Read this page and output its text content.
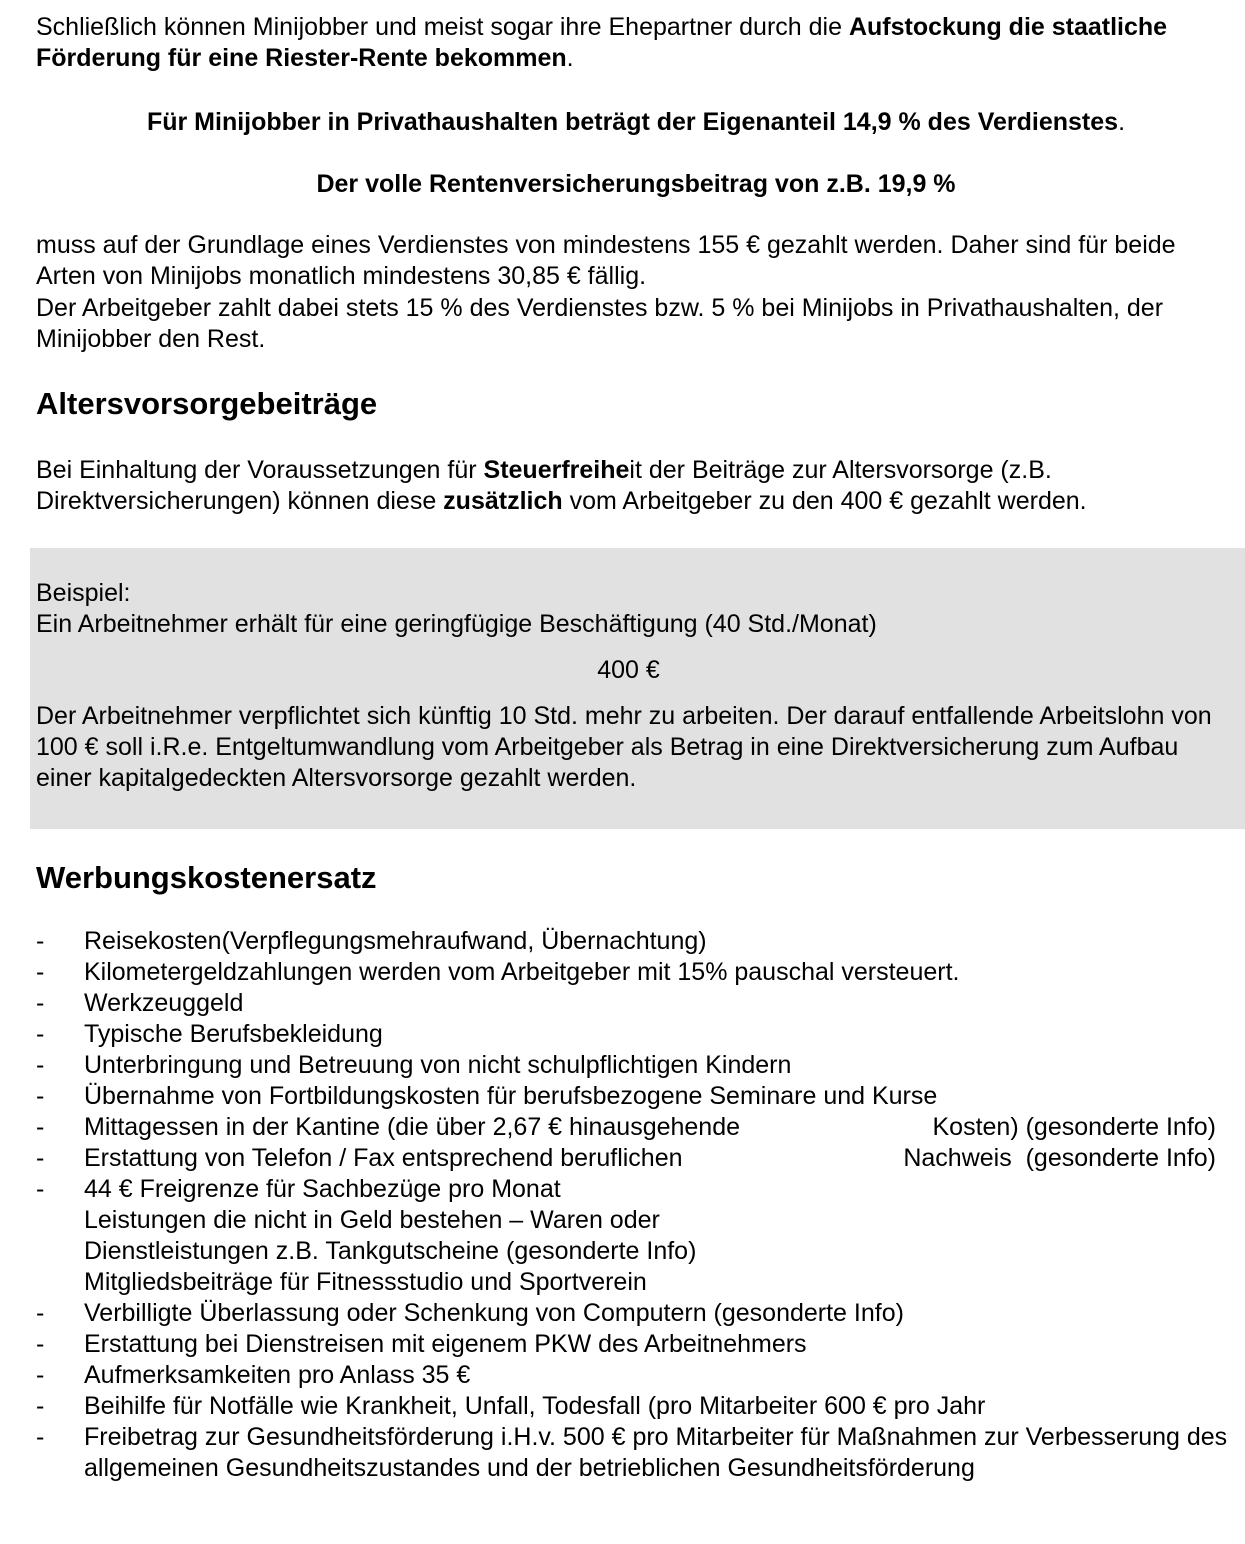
Schließlich können Minijobber und meist sogar ihre Ehepartner durch die Aufstockung die staatliche Förderung für eine Riester-Rente bekommen.

Für Minijobber in Privathaushalten beträgt der Eigenanteil 14,9 % des Verdienstes.

Der volle Rentenversicherungsbeitrag von z.B. 19,9 %

muss auf der Grundlage eines Verdienstes von mindestens 155 € gezahlt werden. Daher sind für beide Arten von Minijobs monatlich mindestens 30,85 € fällig.

Der Arbeitgeber zahlt dabei stets 15 % des Verdienstes bzw. 5 % bei Minijobs in Privathaushalten, der Minijobber den Rest.

Altersvorsorgebeiträge

Bei Einhaltung der Voraussetzungen für Steuerfreiheit der Beiträge zur Altersvorsorge (z.B. Direktversicherungen) können diese zusätzlich vom Arbeitgeber zu den 400 € gezahlt werden.

Beispiel:

Ein Arbeitnehmer erhält für eine geringfügige Beschäftigung (40 Std./Monat)

400 €

Der Arbeitnehmer verpflichtet sich künftig 10 Std. mehr zu arbeiten. Der darauf entfallende Arbeitslohn von 100 € soll i.R.e. Entgeltumwandlung vom Arbeitgeber als Betrag in eine Direktversicherung zum Aufbau einer kapitalgedeckten Altersvorsorge gezahlt werden.

Werbungskostenersatz
-	Reisekosten(Verpflegungsmehraufwand, Übernachtung)
-	Kilometergeldzahlungen werden vom Arbeitgeber mit 15% pauschal versteuert.
-	Werkzeuggeld
-	Typische Berufsbekleidung
-	Unterbringung und Betreuung von nicht schulpflichtigen Kindern
-	Übernahme von Fortbildungskosten für berufsbezogene Seminare und Kurse
-	Mittagessen in der Kantine (die über 2,67 € hinausgehende	Kosten) (gesonderte Info)
-	Erstattung von Telefon / Fax entsprechend beruflichen	Nachweis  (gesonderte Info)
-	44 € Freigrenze für Sachbezüge pro Monat
Leistungen die nicht in Geld bestehen – Waren oder
Dienstleistungen z.B. Tankgutscheine (gesonderte Info)
Mitgliedsbeiträge für Fitnessstudio und Sportverein
-	Verbilligte Überlassung oder Schenkung von Computern (gesonderte Info)
-	Erstattung bei Dienstreisen mit eigenem PKW des Arbeitnehmers
-	Aufmerksamkeiten pro Anlass 35 €
-	Beihilfe für Notfälle wie Krankheit, Unfall, Todesfall (pro Mitarbeiter 600 € pro Jahr
-	Freibetrag zur Gesundheitsförderung i.H.v. 500 € pro Mitarbeiter für Maßnahmen zur Verbesserung des allgemeinen Gesundheitszustandes und der betrieblichen Gesundheitsförderung
